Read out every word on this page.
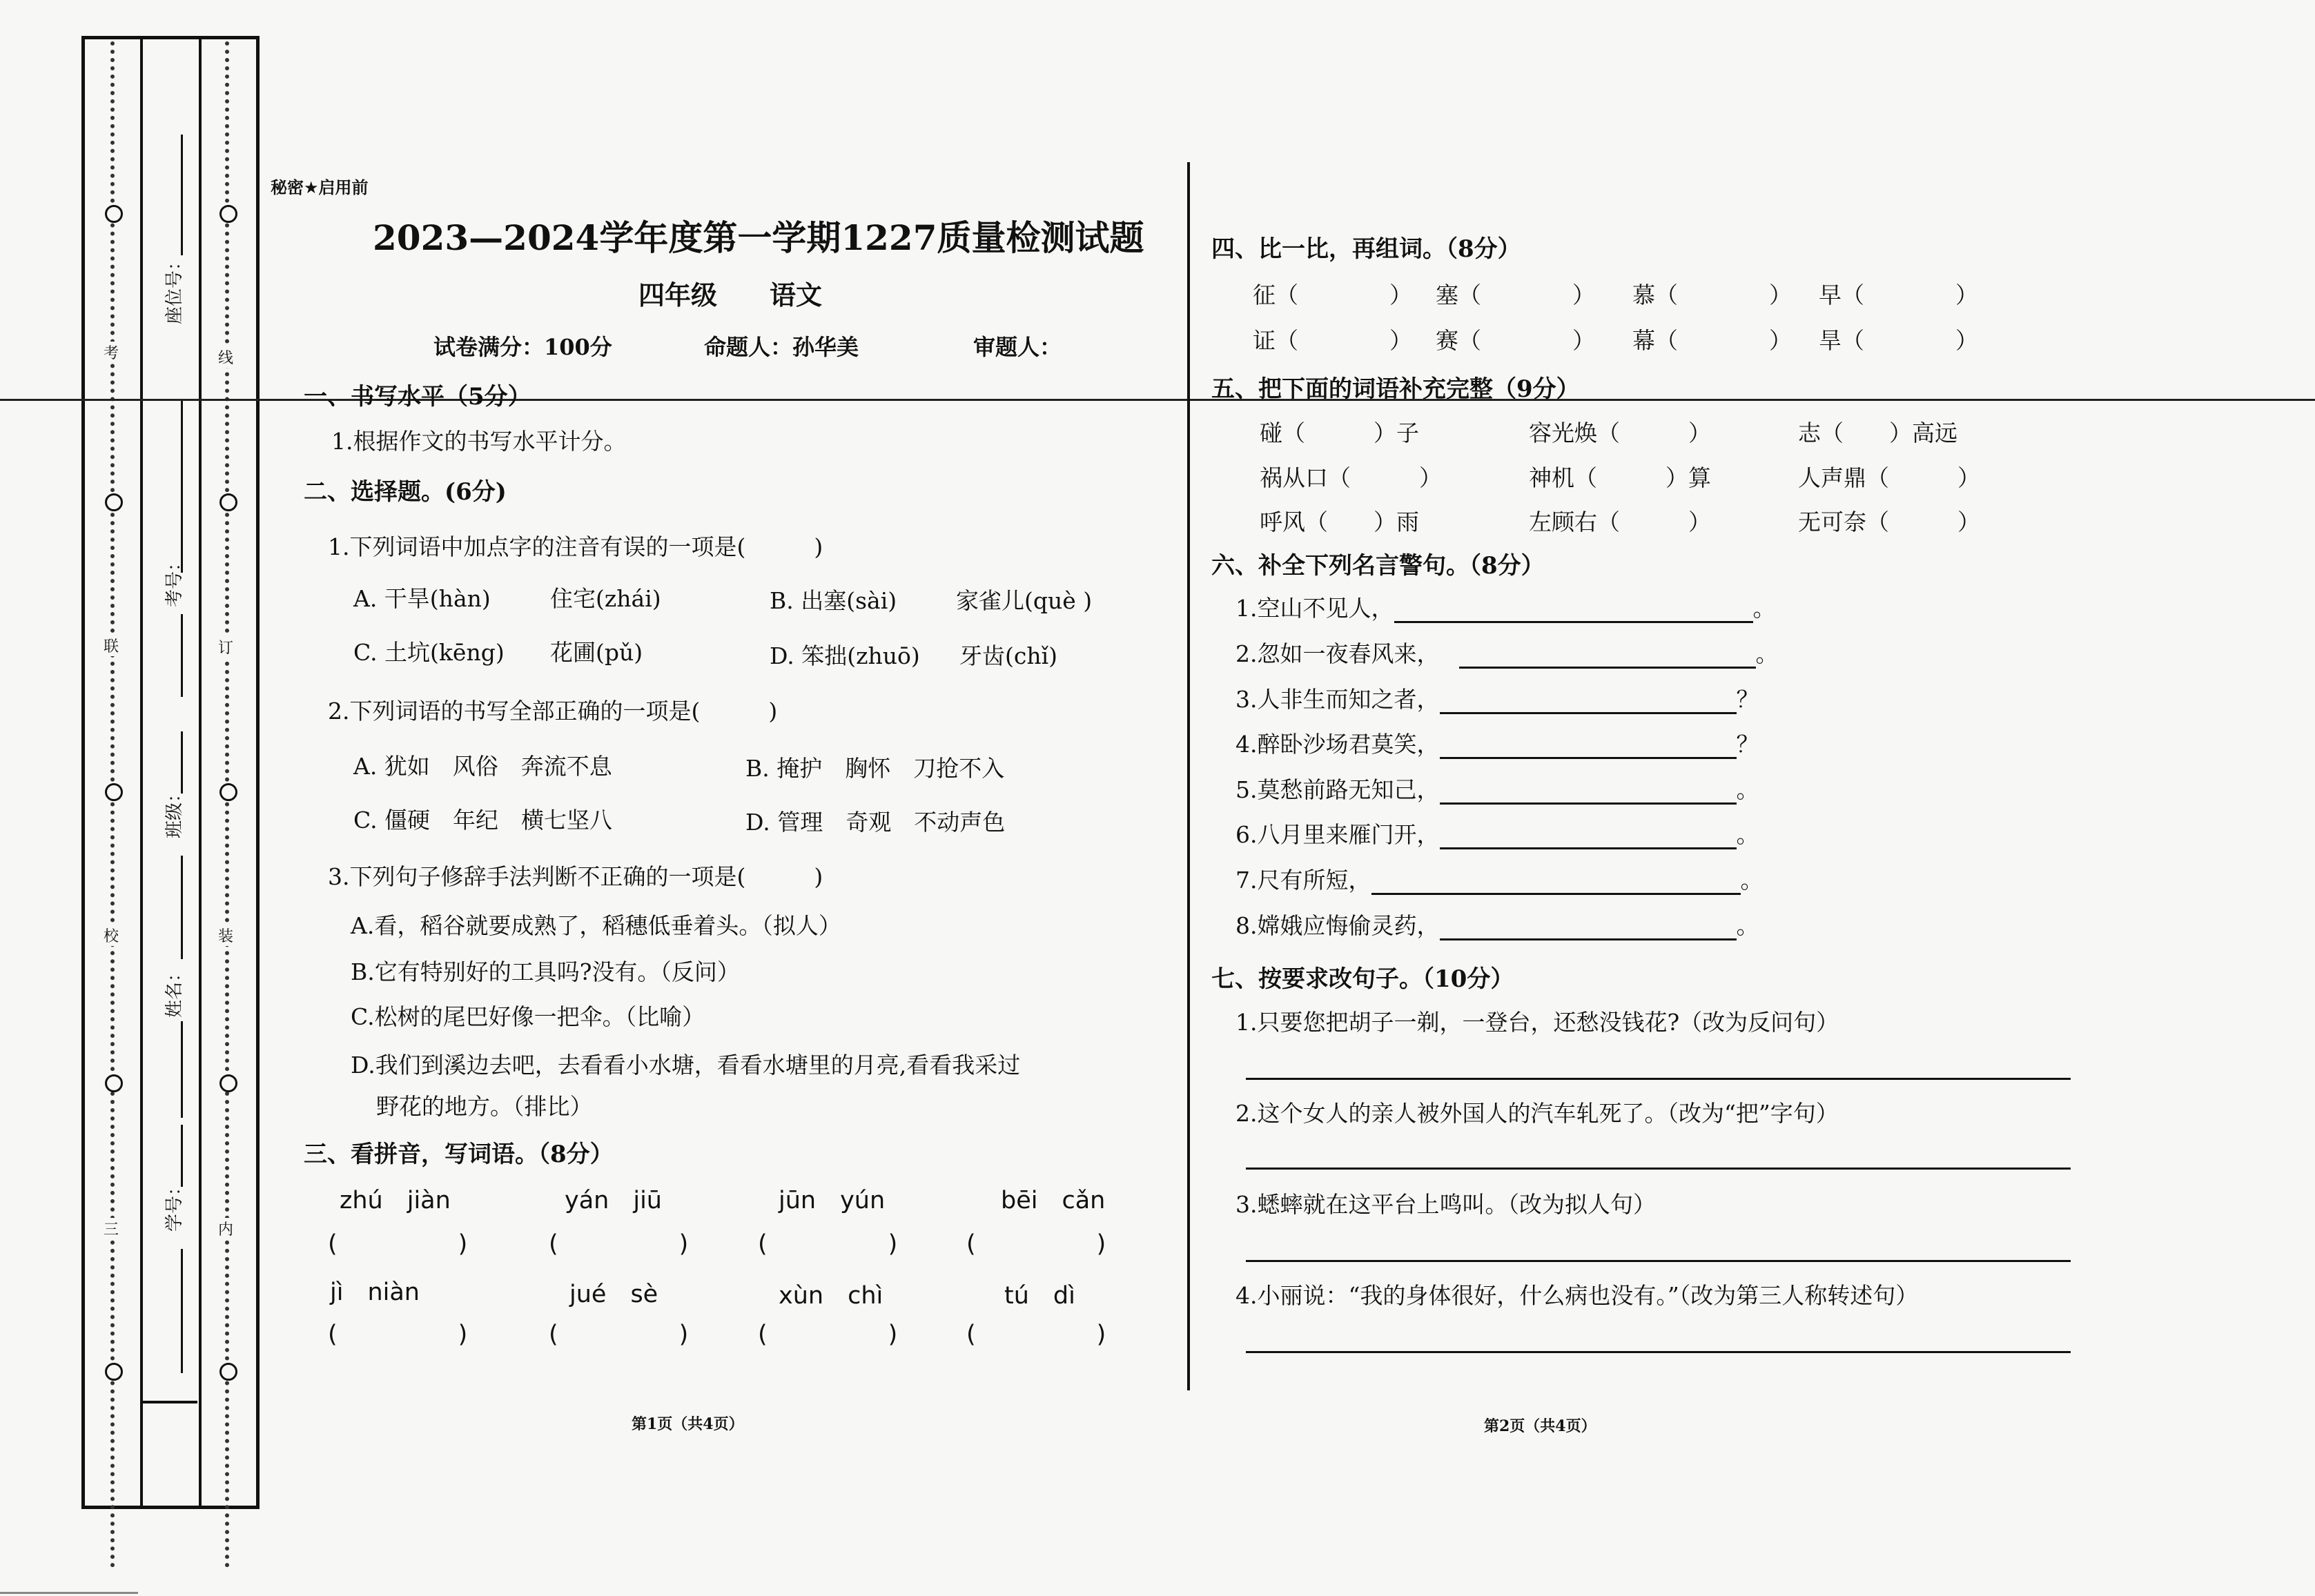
考
联
校
三
线
订
装
内
座位号：
考号：
班级：
姓名：
学号：
秘密★启用前
2023—2024学年度第一学期1227质量检测试题
四年级 语文
试卷满分：100分	命题人：孙华美	审题人：
一、书写水平（5分）
1.根据作文的书写水平计分。
二、选择题。(6分)
1.下列词语中加点字的注音有误的一项是(　　　)
A. 干旱(hàn)	住宅(zhái)	B. 出塞(sài)	家雀儿(què )
C. 土坑(kēng) 花圃(pǔ)	D. 笨拙(zhuō) 牙齿(chǐ)
2.下列词语的书写全部正确的一项是(　　　)
A. 犹如　风俗　奔流不息	B. 掩护　胸怀　刀抢不入
C. 僵硬　年纪　横七坚八	D. 管理　奇观　不动声色
3.下列句子修辞手法判断不正确的一项是(　　　)
A.看，稻谷就要成熟了，稻穗低垂着头。（拟人）
B.它有特别好的工具吗?没有。（反问）
C.松树的尾巴好像一把伞。（比喻）
D.我们到溪边去吧，去看看小水塘，看看水塘里的月亮,看看我采过
野花的地方。（排比）
三、看拼音，写词语。（8分）
zhú　jiàn	yán　jiū	jūn　yún	bēi　cǎn
(　　　　　)	(　　　　　)	(　　　　　)	(　　　　　)
jì　niàn	jué　sè	xùn　chì	tú　dì
(　　　　　)	(　　　　　)	(　　　　　)	(　　　　　)
第1页（共4页）
四、比一比，再组词。（8分）
征（　　　　） 塞（　　　　） 慕（　　　　） 早（　　　　）
证（　　　　） 赛（　　　　） 幕（　　　　） 旱（　　　　）
五、把下面的词语补充完整（9分）
碰（　　　）子	容光焕（　　　）	志（　　）高远
祸从口（　　　）	神机（　　　）算	人声鼎（　　　）
呼风（　　）雨	左顾右（　　　）	无可奈（　　　）
六、补全下列名言警句。（8分）
1.空山不见人，	。
2.忽如一夜春风来，	。
3.人非生而知之者，	？
4.醉卧沙场君莫笑，	？
5.莫愁前路无知己，	。
6.八月里来雁门开，	。
7.尺有所短，	。
8.嫦娥应悔偷灵药，	。
七、按要求改句子。（10分）
1.只要您把胡子一剃，一登台，还愁没钱花?（改为反问句）
2.这个女人的亲人被外国人的汽车轧死了。（改为“把”字句）
3.蟋蟀就在这平台上鸣叫。（改为拟人句）
4.小丽说：“我的身体很好，什么病也没有。”（改为第三人称转述句）
第2页（共4页）
